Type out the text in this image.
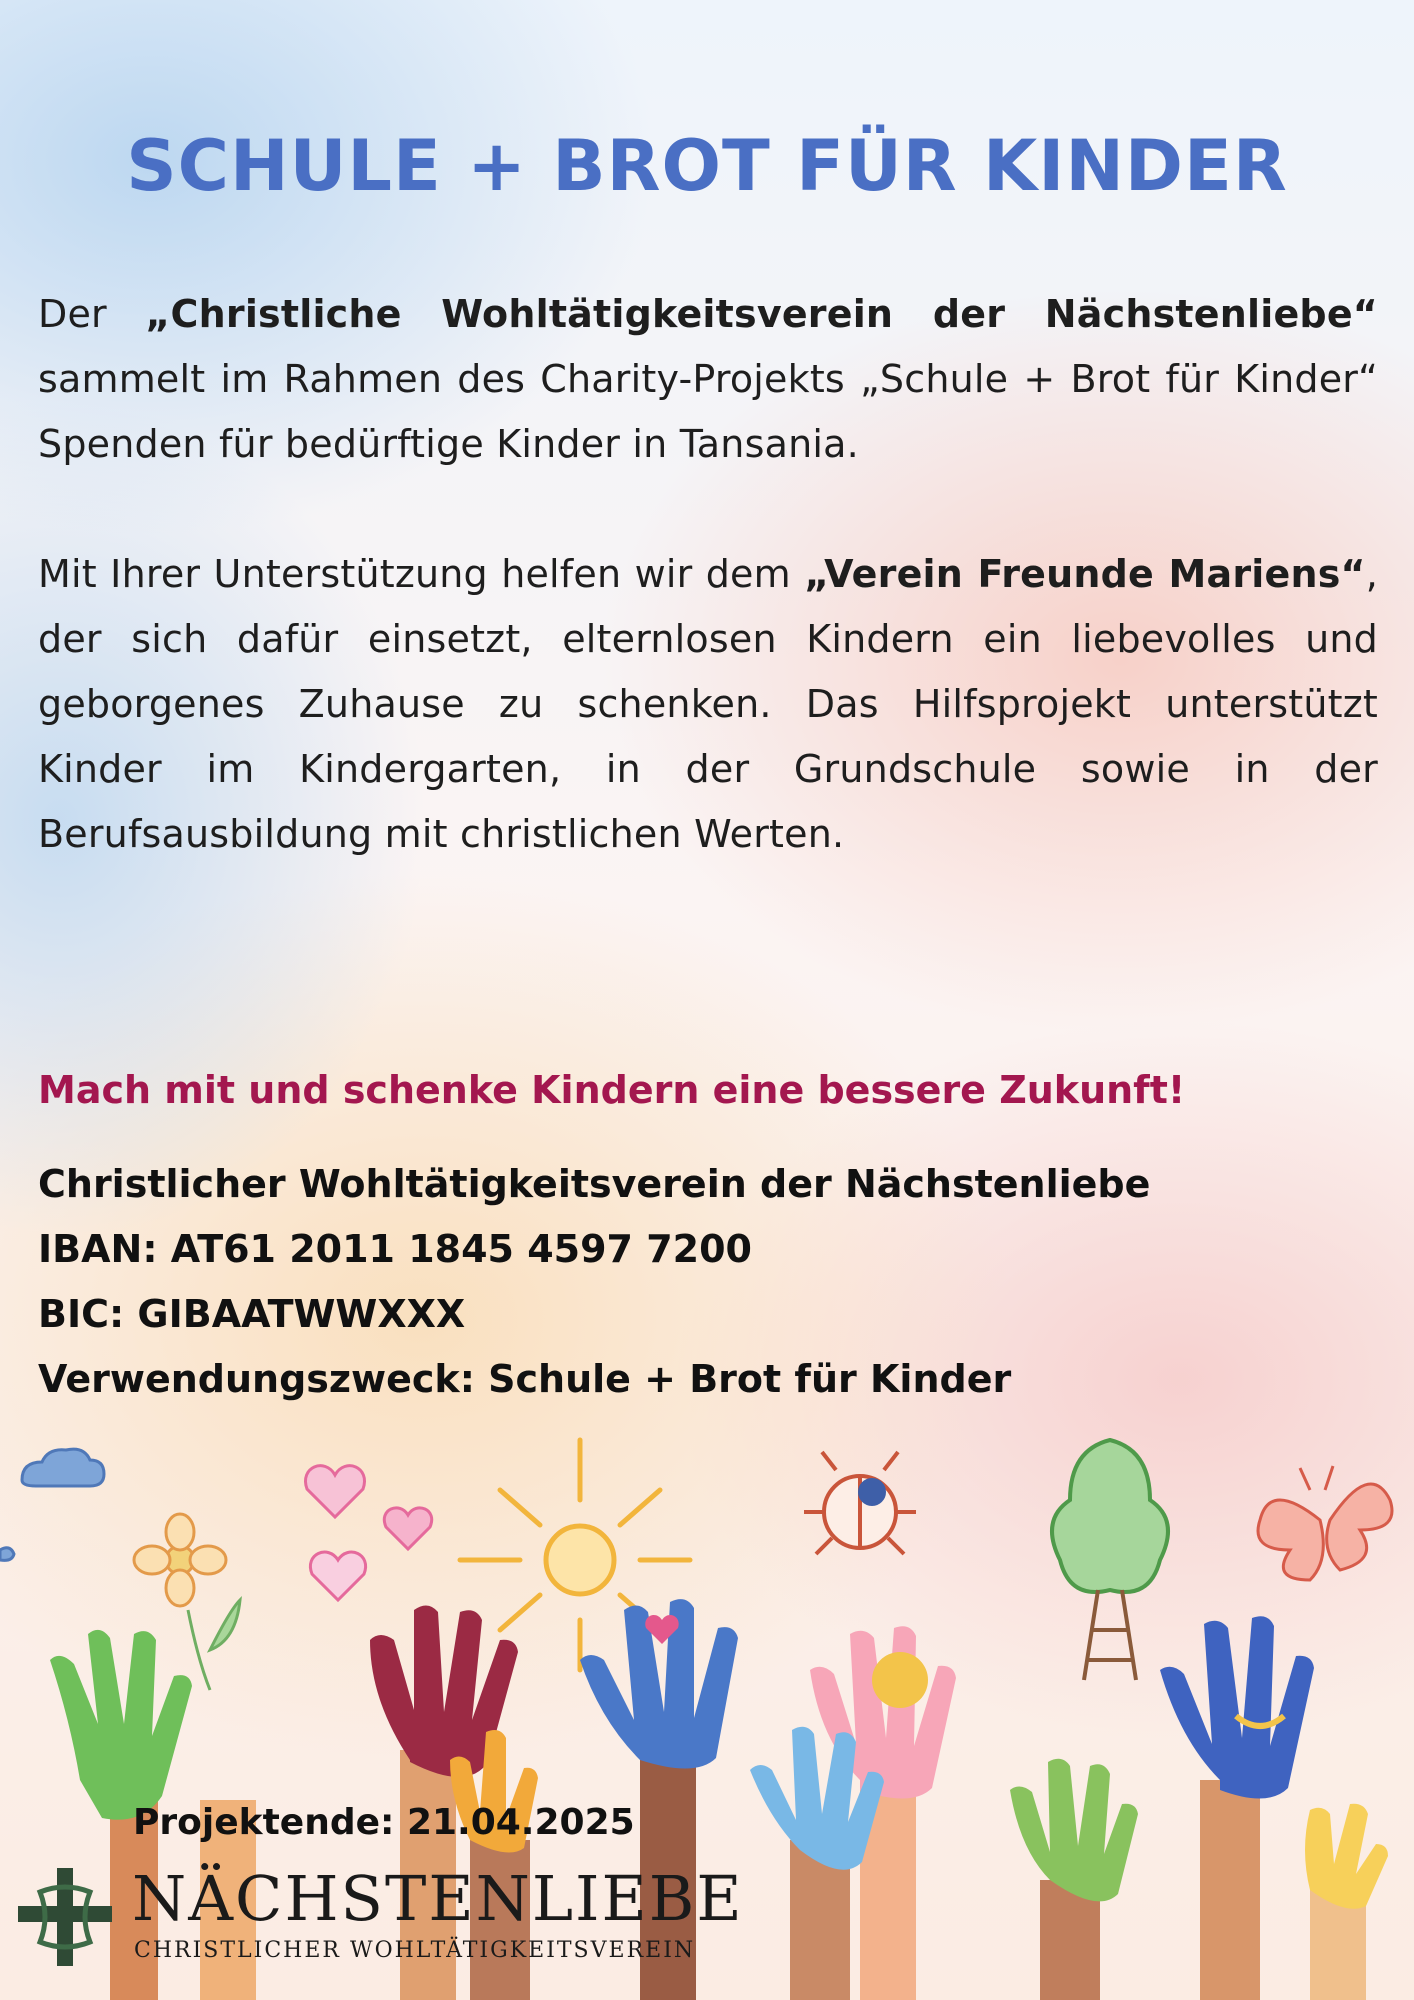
SCHULE + BROT FÜR KINDER

Der „Christliche Wohltätigkeitsverein der Nächstenliebe“ sammelt im Rahmen des Charity-Projekts „Schule + Brot für Kinder“ Spenden für bedürftige Kinder in Tansania.

Mit Ihrer Unterstützung helfen wir dem „Verein Freunde Mariens“, der sich dafür einsetzt, elternlosen Kindern ein liebevolles und geborgenes Zuhause zu schenken. Das Hilfsprojekt unterstützt Kinder im Kindergarten, in der Grundschule sowie in der Berufsausbildung mit christlichen Werten.

Mach mit und schenke Kindern eine bessere Zukunft!
Christlicher Wohltätigkeitsverein der Nächstenliebe
IBAN: AT61 2011 1845 4597 7200
BIC: GIBAATWWXXX
Verwendungszweck: Schule + Brot für Kinder
Projektende: 21.04.2025
NÄCHSTENLIEBE
CHRISTLICHER WOHLTÄTIGKEITSVEREIN
